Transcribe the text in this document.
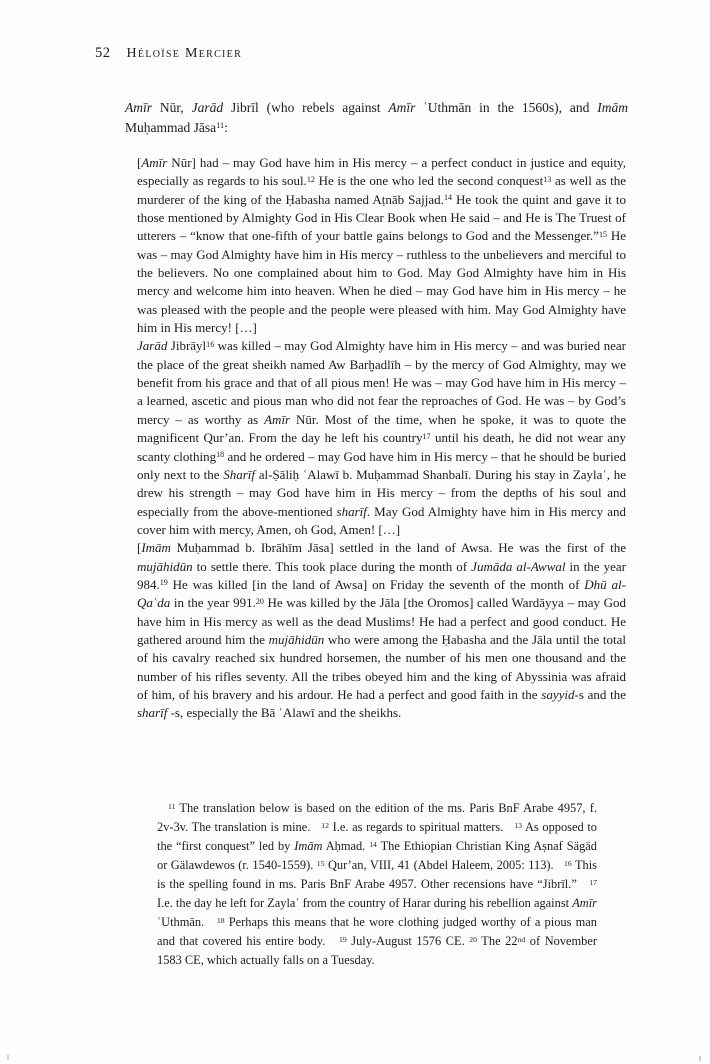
52 Héloïse Mercier

Amīr Nūr, Jarād Jibrīl (who rebels against Amīr ʿUthmān in the 1560s), and Imām Muḥammad Jāsa$^{11}$:

[Amīr Nūr] had – may God have him in His mercy – a perfect conduct in justice and equity, especially as regards to his soul.$^{12}$ He is the one who led the second conquest$^{13}$ as well as the murderer of the king of the Ḥabasha named Aṭnāb Sajjad.$^{14}$ He took the quint and gave it to those mentioned by Almighty God in His Clear Book when He said – and He is The Truest of utterers – “know that one-fifth of your battle gains belongs to God and the Messenger.”$^{15}$ He was – may God Almighty have him in His mercy – ruthless to the unbelievers and merciful to the believers. No one complained about him to God. May God Almighty have him in His mercy and welcome him into heaven. When he died – may God have him in His mercy – he was pleased with the people and the people were pleased with him. May God Almighty have him in His mercy! […]

Jarād Jibrāyl$^{16}$ was killed – may God Almighty have him in His mercy – and was buried near the place of the great sheikh named Aw Barḫadlīh – by the mercy of God Almighty, may we benefit from his grace and that of all pious men! He was – may God have him in His mercy – a learned, ascetic and pious man who did not fear the reproaches of God. He was – by God’s mercy – as worthy as Amīr Nūr. Most of the time, when he spoke, it was to quote the magnificent Qur’an. From the day he left his country$^{17}$ until his death, he did not wear any scanty clothing$^{18}$ and he ordered – may God have him in His mercy – that he should be buried only next to the Sharīf al-Ṣāliḥ ʿAlawī b. Muḥammad Shanbalī. During his stay in Zaylaʿ, he drew his strength – may God have him in His mercy – from the depths of his soul and especially from the above-mentioned sharīf. May God Almighty have him in His mercy and cover him with mercy, Amen, oh God, Amen! […]

[Imām Muḥammad b. Ibrāhīm Jāsa] settled in the land of Awsa. He was the first of the mujāhidūn to settle there. This took place during the month of Jumāda al-Awwal in the year 984.19 He was killed [in the land of Awsa] on Friday the seventh of the month of Dhū al-Qaʿda in the year 991.20 He was killed by the Jāla [the Oromos] called Wardāyya – may God have him in His mercy as well as the dead Muslims! He had a perfect and good conduct. He gathered around him the mujāhidūn who were among the Ḥabasha and the Jāla until the total of his cavalry reached six hundred horsemen, the number of his men one thousand and the number of his rifles seventy. All the tribes obeyed him and the king of Abyssinia was afraid of him, of his bravery and his ardour. He had a perfect and good faith in the sayyid-s and the sharīf -s, especially the Bā ʿAlawī and the sheikhs.

$^{11}$ The translation below is based on the edition of the ms. Paris BnF Arabe 4957, f. 2v-3v. The translation is mine.   $^{12}$ I.e. as regards to spiritual matters.   $^{13}$ As opposed to the “first conquest” led by Imām Aḥmad. $^{14}$ The Ethiopian Christian King Aṣnaf Sägäd or Gälawdewos (r. 1540-1559). $^{15}$ Qur’an, VIII, 41 (Abdel Haleem, 2005: 113).   $^{16}$ This is the spelling found in ms. Paris BnF Arabe 4957. Other recensions have “Jibrīl.”   $^{17}$ I.e. the day he left for Zaylaʿ from the country of Harar during his rebellion against Amīr ʿUthmān.   $^{18}$ Perhaps this means that he wore clothing judged worthy of a pious man and that covered his entire body.   $^{19}$ July-August 1576 CE. $^{20}$ The 22nd of November 1583 CE, which actually falls on a Tuesday.
